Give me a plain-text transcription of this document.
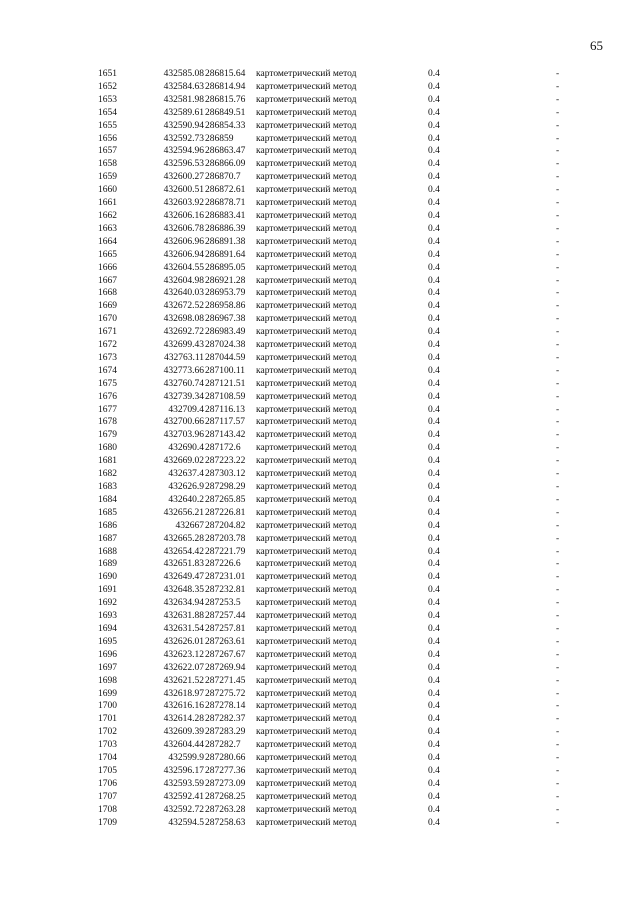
65
	1651	432585.08	286815.64	картометрический метод	0.4	-
	1652	432584.63	286814.94	картометрический метод	0.4	-
	1653	432581.98	286815.76	картометрический метод	0.4	-
	1654	432589.61	286849.51	картометрический метод	0.4	-
	1655	432590.94	286854.33	картометрический метод	0.4	-
	1656	432592.73	286859	картометрический метод	0.4	-
	1657	432594.96	286863.47	картометрический метод	0.4	-
	1658	432596.53	286866.09	картометрический метод	0.4	-
	1659	432600.27	286870.7	картометрический метод	0.4	-
	1660	432600.51	286872.61	картометрический метод	0.4	-
	1661	432603.92	286878.71	картометрический метод	0.4	-
	1662	432606.16	286883.41	картометрический метод	0.4	-
	1663	432606.78	286886.39	картометрический метод	0.4	-
	1664	432606.96	286891.38	картометрический метод	0.4	-
	1665	432606.94	286891.64	картометрический метод	0.4	-
	1666	432604.55	286895.05	картометрический метод	0.4	-
	1667	432604.98	286921.28	картометрический метод	0.4	-
	1668	432640.03	286953.79	картометрический метод	0.4	-
	1669	432672.52	286958.86	картометрический метод	0.4	-
	1670	432698.08	286967.38	картометрический метод	0.4	-
	1671	432692.72	286983.49	картометрический метод	0.4	-
	1672	432699.43	287024.38	картометрический метод	0.4	-
	1673	432763.11	287044.59	картометрический метод	0.4	-
	1674	432773.66	287100.11	картометрический метод	0.4	-
	1675	432760.74	287121.51	картометрический метод	0.4	-
	1676	432739.34	287108.59	картометрический метод	0.4	-
	1677	432709.4	287116.13	картометрический метод	0.4	-
	1678	432700.66	287117.57	картометрический метод	0.4	-
	1679	432703.96	287143.42	картометрический метод	0.4	-
	1680	432690.4	287172.6	картометрический метод	0.4	-
	1681	432669.02	287223.22	картометрический метод	0.4	-
	1682	432637.4	287303.12	картометрический метод	0.4	-
	1683	432626.9	287298.29	картометрический метод	0.4	-
	1684	432640.2	287265.85	картометрический метод	0.4	-
	1685	432656.21	287226.81	картометрический метод	0.4	-
	1686	432667	287204.82	картометрический метод	0.4	-
	1687	432665.28	287203.78	картометрический метод	0.4	-
	1688	432654.42	287221.79	картометрический метод	0.4	-
	1689	432651.83	287226.6	картометрический метод	0.4	-
	1690	432649.47	287231.01	картометрический метод	0.4	-
	1691	432648.35	287232.81	картометрический метод	0.4	-
	1692	432634.94	287253.5	картометрический метод	0.4	-
	1693	432631.88	287257.44	картометрический метод	0.4	-
	1694	432631.54	287257.81	картометрический метод	0.4	-
	1695	432626.01	287263.61	картометрический метод	0.4	-
	1696	432623.12	287267.67	картометрический метод	0.4	-
	1697	432622.07	287269.94	картометрический метод	0.4	-
	1698	432621.52	287271.45	картометрический метод	0.4	-
	1699	432618.97	287275.72	картометрический метод	0.4	-
	1700	432616.16	287278.14	картометрический метод	0.4	-
	1701	432614.28	287282.37	картометрический метод	0.4	-
	1702	432609.39	287283.29	картометрический метод	0.4	-
	1703	432604.44	287282.7	картометрический метод	0.4	-
	1704	432599.9	287280.66	картометрический метод	0.4	-
	1705	432596.17	287277.36	картометрический метод	0.4	-
	1706	432593.59	287273.09	картометрический метод	0.4	-
	1707	432592.41	287268.25	картометрический метод	0.4	-
	1708	432592.72	287263.28	картометрический метод	0.4	-
	1709	432594.5	287258.63	картометрический метод	0.4	-
